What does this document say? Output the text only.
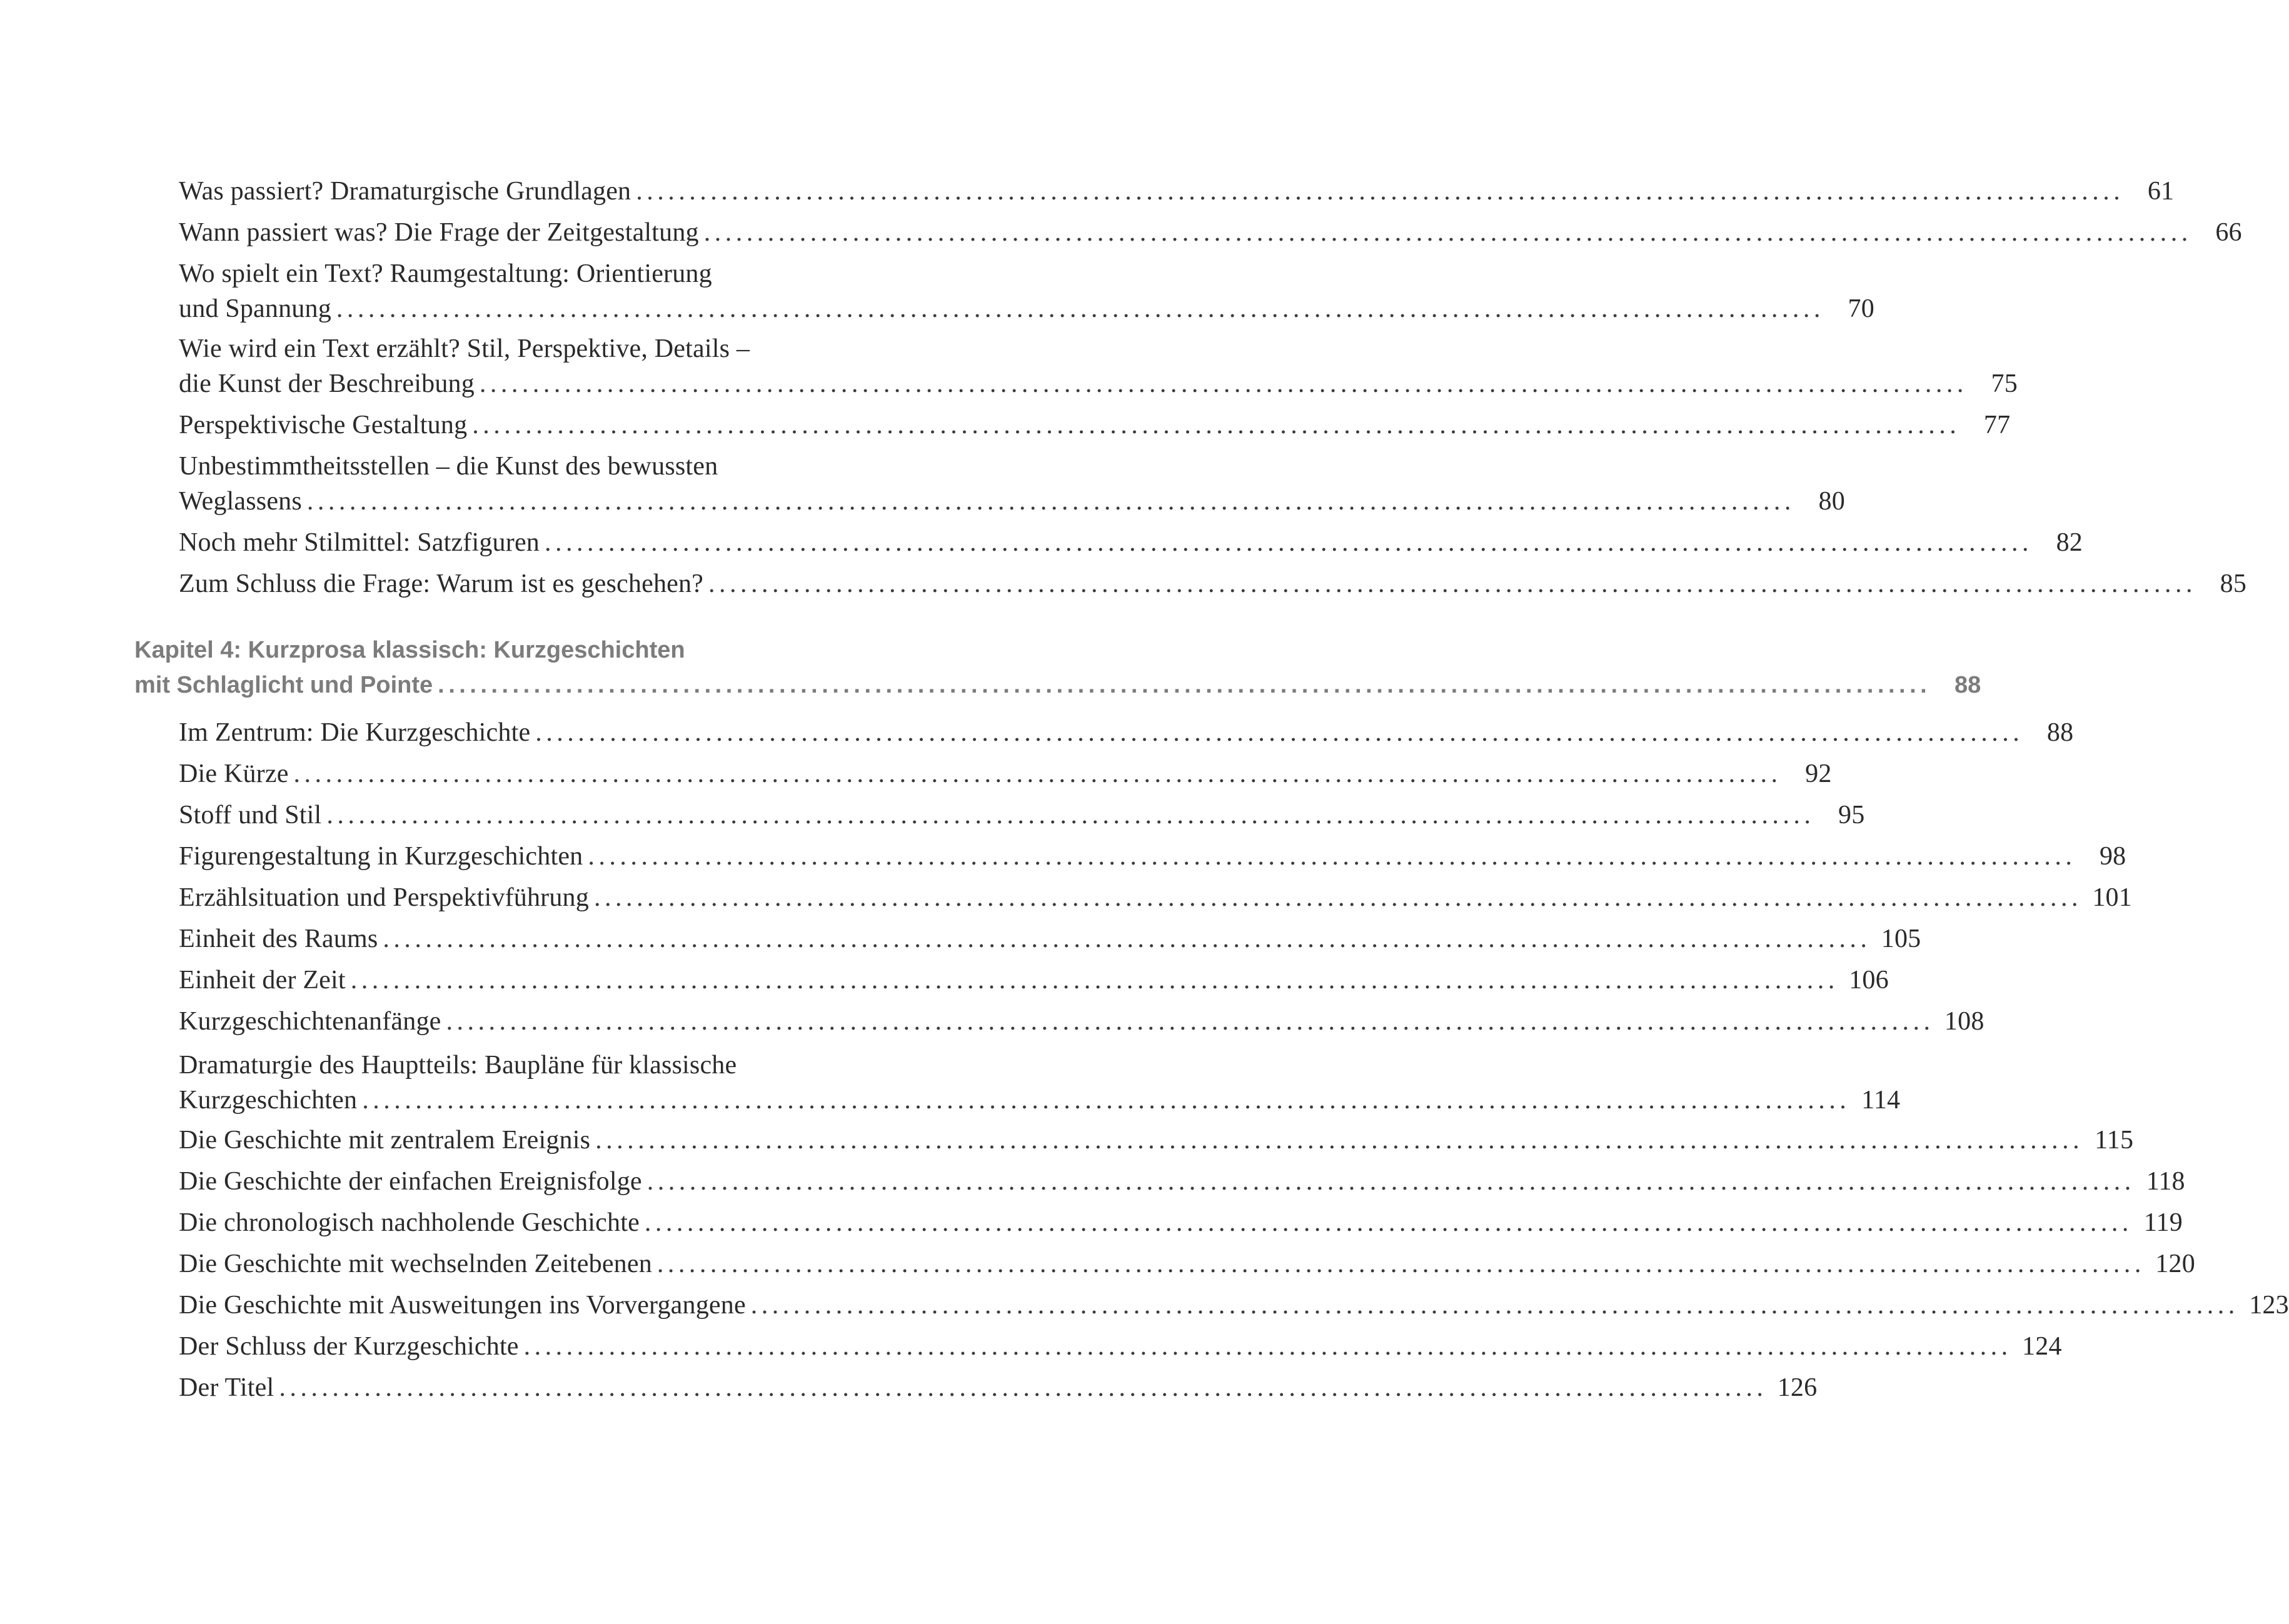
Was passiert? Dramaturgische Grundlagen ............................................................................................................................................ 61
Wann passiert was? Die Frage der Zeitgestaltung ............................................................................................................................................ 66
Wo spielt ein Text? Raumgestaltung: Orientierung
und Spannung ............................................................................................................................................ 70
Wie wird ein Text erzählt? Stil, Perspektive, Details –
die Kunst der Beschreibung ............................................................................................................................................ 75
Perspektivische Gestaltung ............................................................................................................................................ 77
Unbestimmtheitsstellen – die Kunst des bewussten
Weglassens ............................................................................................................................................ 80
Noch mehr Stilmittel: Satzfiguren ............................................................................................................................................ 82
Zum Schluss die Frage: Warum ist es geschehen? ............................................................................................................................................ 85
Kapitel 4: Kurzprosa klassisch: Kurzgeschichten
mit Schlaglicht und Pointe ............................................................................................................................................ 88
Im Zentrum: Die Kurzgeschichte ............................................................................................................................................ 88
Die Kürze ............................................................................................................................................ 92
Stoff und Stil ............................................................................................................................................ 95
Figurengestaltung in Kurzgeschichten ............................................................................................................................................ 98
Erzählsituation und Perspektivführung ............................................................................................................................................ 101
Einheit des Raums ............................................................................................................................................ 105
Einheit der Zeit ............................................................................................................................................ 106
Kurzgeschichtenanfänge ............................................................................................................................................ 108
Dramaturgie des Hauptteils: Baupläne für klassische
Kurzgeschichten ............................................................................................................................................ 114
Die Geschichte mit zentralem Ereignis ............................................................................................................................................ 115
Die Geschichte der einfachen Ereignisfolge ............................................................................................................................................ 118
Die chronologisch nachholende Geschichte ............................................................................................................................................ 119
Die Geschichte mit wechselnden Zeitebenen ............................................................................................................................................ 120
Die Geschichte mit Ausweitungen ins Vorvergangene ............................................................................................................................................ 123
Der Schluss der Kurzgeschichte ............................................................................................................................................ 124
Der Titel ............................................................................................................................................ 126
